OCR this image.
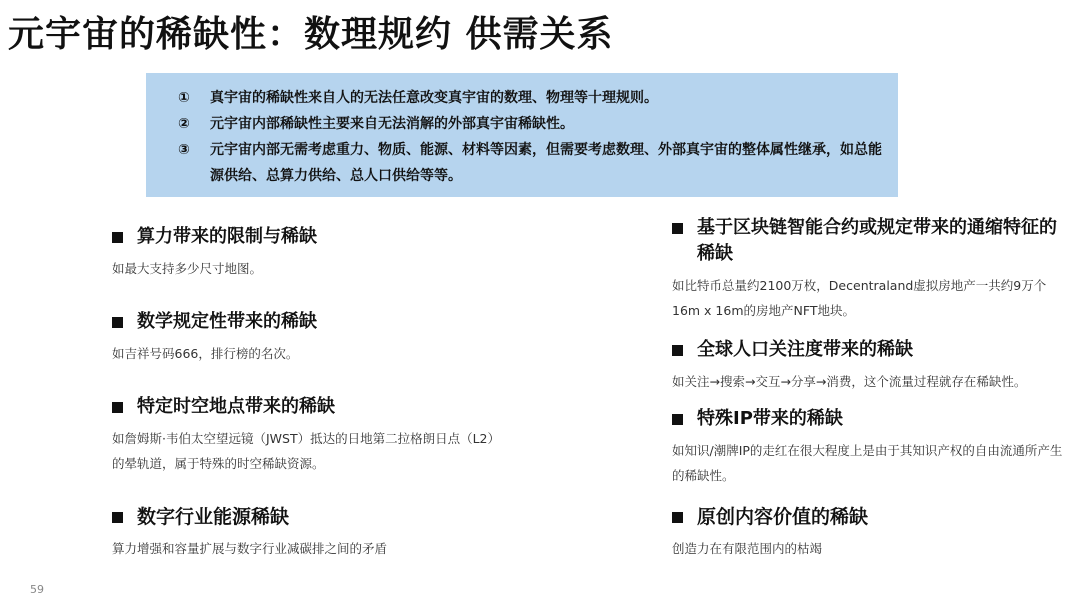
元宇宙的稀缺性：数理规约 供需关系
①	真宇宙的稀缺性来自人的无法任意改变真宇宙的数理、物理等十理规则。
②	元宇宙内部稀缺性主要来自无法消解的外部真宇宙稀缺性。
③	元宇宙内部无需考虑重力、物质、能源、材料等因素，但需要考虑数理、外部真宇宙的整体属性继承，如总能源供给、总算力供给、总人口供给等等。
算力带来的限制与稀缺
如最大支持多少尺寸地图。
数学规定性带来的稀缺
如吉祥号码666，排行榜的名次。
特定时空地点带来的稀缺
如詹姆斯·韦伯太空望远镜（JWST）抵达的日地第二拉格朗日点（L2）的晕轨道，属于特殊的时空稀缺资源。
数字行业能源稀缺
算力增强和容量扩展与数字行业减碳排之间的矛盾
基于区块链智能合约或规定带来的通缩特征的稀缺
如比特币总量约2100万枚，Decentraland虚拟房地产一共约9万个16m x 16m的房地产NFT地块。
全球人口关注度带来的稀缺
如关注→搜索→交互→分享→消费，这个流量过程就存在稀缺性。
特殊IP带来的稀缺
如知识/潮牌IP的走红在很大程度上是由于其知识产权的自由流通所产生的稀缺性。
原创内容价值的稀缺
创造力在有限范围内的枯竭
59
